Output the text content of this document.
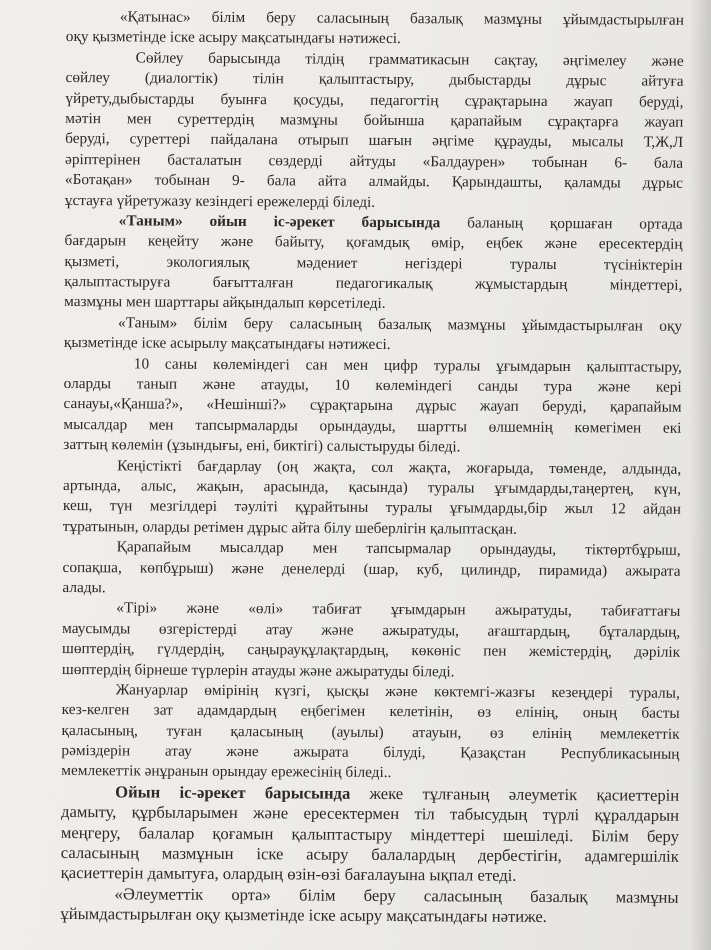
«Қатынас» білім беру саласының базалық мазмұны ұйымдастырылған
оқу қызметінде іске асыру мақсатындағы нәтижесі.
Сөйлеу барысында тілдің грамматикасын сақтау, әңгімелеу және
сөйлеу (диалогтік) тілін қалыптастыру, дыбыстарды дұрыс айтуға
үйрету,дыбыстарды буынға қосуды, педагогтің сұрақтарына жауап беруді,
мәтін мен суреттердің мазмұны бойынша қарапайым сұрақтарға жауап
беруді, суреттері пайдалана отырып шағын әңгіме құрауды, мысалы Т,Ж,Л
әріптерінен басталатын сөздерді айтуды «Балдаурен» тобынан 6- бала
«Ботақан» тобынан 9- бала айта алмайды. Қарындашты, қаламды дұрыс
ұстауға үйретужазу кезіндегі ережелерді біледі.
«Таным» ойын іс-әрекет барысында баланың қоршаған ортада
бағдарын кеңейту және байыту, қоғамдық өмір, еңбек және ересектердің
қызметі, экологиялық мәдениет негіздері туралы түсініктерін
қалыптастыруға бағытталған педагогикалық жұмыстардың міндеттері,
мазмұны мен шарттары айқындалып көрсетіледі.
«Таным» білім беру саласының базалық мазмұны ұйымдастырылған оқу
қызметінде іске асырылу мақсатындағы нәтижесі.
10 саны көлеміндегі сан мен цифр туралы ұғымдарын қалыптастыру,
оларды танып және атауды, 10 көлеміндегі санды тура және кері
санауы,«Қанша?», «Нешінші?» сұрақтарына дұрыс жауап беруді, қарапайым
мысалдар мен тапсырмаларды орындауды, шартты өлшемнің көмегімен екі
заттың көлемін (ұзындығы, ені, биктігі) салыстыруды біледі.
Кеңістікті бағдарлау (оң жақта, сол жақта, жоғарыда, төменде, алдында,
артында, алыс, жақын, арасында, қасында) туралы ұғымдарды,таңертең, күн,
кеш, түн мезгілдері тәуліті құрайтыны туралы ұғымдарды,бір жыл 12 айдан
тұратынын, оларды ретімен дұрыс айта білу шеберлігін қалыптасқан.
Қарапайым мысалдар мен тапсырмалар орындауды, тіктөртбұрыш,
сопақша, көпбұрыш) және денелерді (шар, куб, цилиндр, пирамида) ажырата
алады.
«Тірі» және «өлі» табиғат ұғымдарын ажыратуды, табиғаттағы
маусымды өзгерістерді атау және ажыратуды, ағаштардың, бұталардың,
шөптердің, гүлдердің, саңырауқұлақтардың, көкөніс пен жемістердің, дәрілік
шөптердің бірнеше түрлерін атауды және ажыратуды біледі.
Жануарлар өмірінің күзгі, қысқы және көктемгі-жазғы кезеңдері туралы,
кез-келген зат адамдардың еңбегімен келетінін, өз елінің, оның басты
қаласының, туған қаласының (ауылы) атауын, өз елінің мемлекеттік
рәміздерін атау және ажырата білуді, Қазақстан Республикасының
мемлекеттік әнұранын орындау ережесінің біледі..
Ойын іс-әрекет барысында жеке тұлғаның әлеуметік қасиеттерін
дамыту, құрбыларымен және ересектермен тіл табысудың түрлі құралдарын
меңгеру, балалар қоғамын қалыптастыру міндеттері шешіледі. Білім беру
саласының мазмұнын іске асыру балалардың дербестігін, адамгершілік
қасиеттерін дамытуға, олардың өзін-өзі бағалауына ықпал етеді.
«Әлеуметтік орта» білім беру саласының базалық мазмұны
ұйымдастырылған оқу қызметінде іске асыру мақсатындағы нәтиже.
